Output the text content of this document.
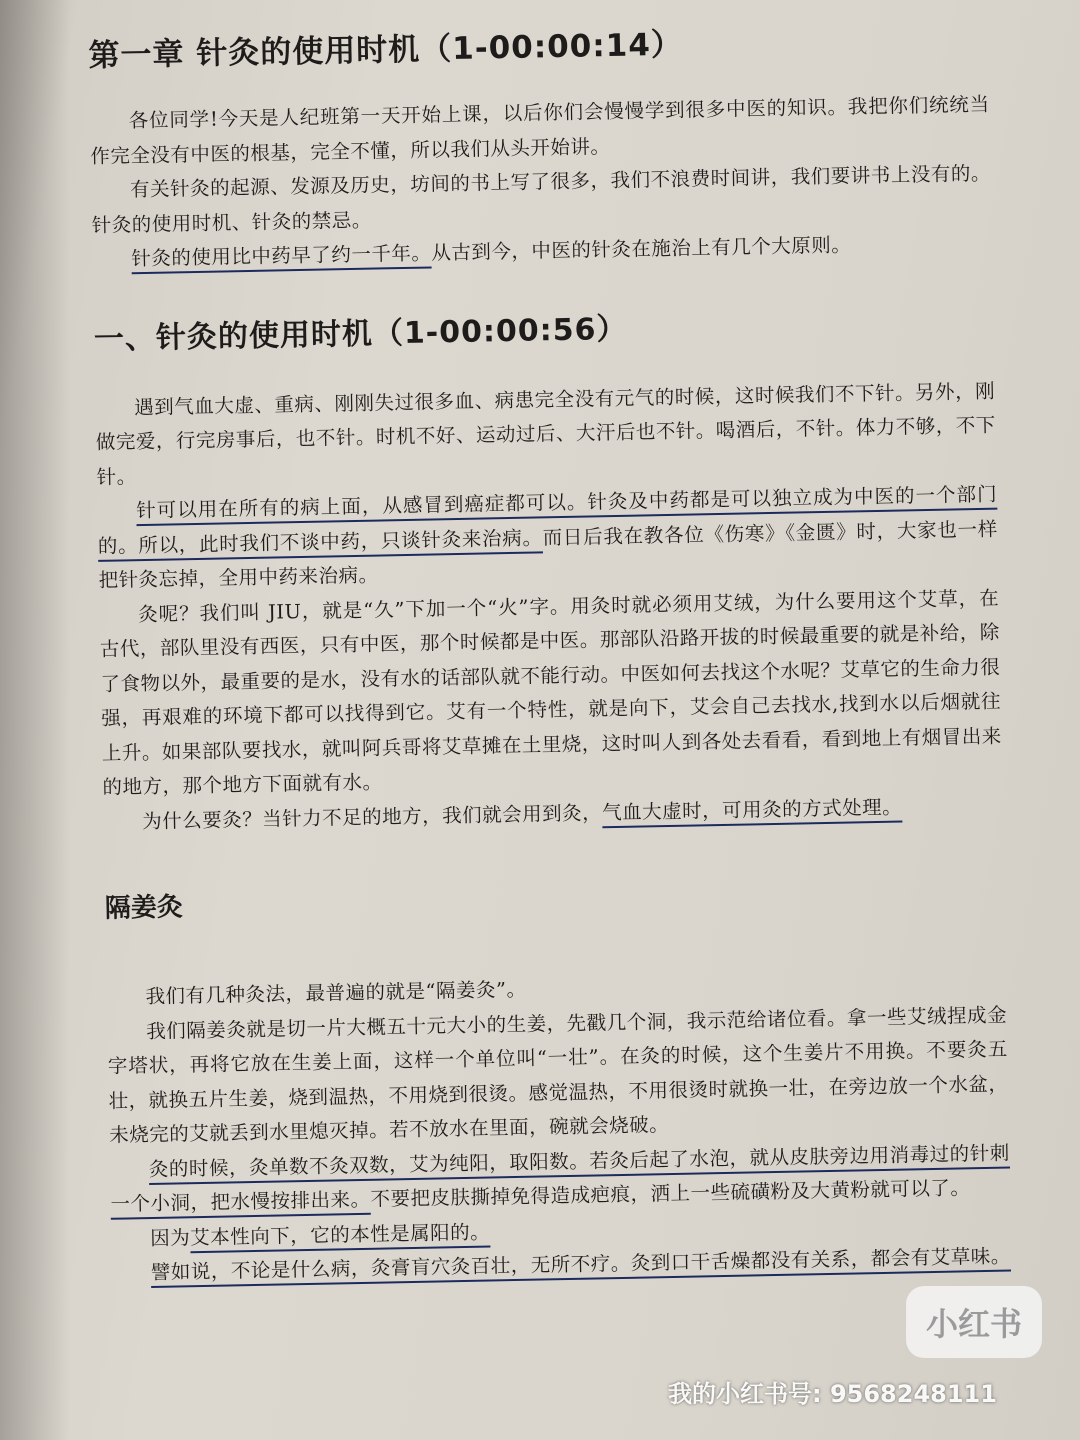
第一章 针灸的使用时机（1-00:00:14）

各位同学!今天是人纪班第一天开始上课，以后你们会慢慢学到很多中医的知识。我把你们统统当作完全没有中医的根基，完全不懂，所以我们从头开始讲。

有关针灸的起源、发源及历史，坊间的书上写了很多，我们不浪费时间讲，我们要讲书上没有的。针灸的使用时机、针灸的禁忌。

针灸的使用比中药早了约一千年。从古到今，中医的针灸在施治上有几个大原则。

一、针灸的使用时机（1-00:00:56）

遇到气血大虚、重病、刚刚失过很多血、病患完全没有元气的时候，这时候我们不下针。另外，刚做完爱，行完房事后，也不针。时机不好、运动过后、大汗后也不针。喝酒后，不针。体力不够，不下针。

针可以用在所有的病上面，从感冒到癌症都可以。针灸及中药都是可以独立成为中医的一个部门的。所以，此时我们不谈中药，只谈针灸来治病。而日后我在教各位《伤寒》《金匮》时，大家也一样把针灸忘掉，全用中药来治病。

灸呢？我们叫 JIU，就是“久”下加一个“火”字。用灸时就必须用艾绒，为什么要用这个艾草，在古代，部队里没有西医，只有中医，那个时候都是中医。那部队沿路开拔的时候最重要的就是补给，除了食物以外，最重要的是水，没有水的话部队就不能行动。中医如何去找这个水呢？艾草它的生命力很强，再艰难的环境下都可以找得到它。艾有一个特性，就是向下，艾会自己去找水,找到水以后烟就往上升。如果部队要找水，就叫阿兵哥将艾草摊在土里烧，这时叫人到各处去看看，看到地上有烟冒出来的地方，那个地方下面就有水。

为什么要灸？当针力不足的地方，我们就会用到灸，气血大虚时，可用灸的方式处理。

隔姜灸

我们有几种灸法，最普遍的就是“隔姜灸”。

我们隔姜灸就是切一片大概五十元大小的生姜，先戳几个洞，我示范给诸位看。拿一些艾绒捏成金字塔状，再将它放在生姜上面，这样一个单位叫“一壮”。在灸的时候，这个生姜片不用换。不要灸五壮，就换五片生姜，烧到温热，不用烧到很烫。感觉温热，不用很烫时就换一壮，在旁边放一个水盆，未烧完的艾就丢到水里熄灭掉。若不放水在里面，碗就会烧破。

灸的时候，灸单数不灸双数，艾为纯阳，取阳数。若灸后起了水泡，就从皮肤旁边用消毒过的针刺一个小洞，把水慢按排出来。不要把皮肤撕掉免得造成疤痕，洒上一些硫磺粉及大黄粉就可以了。

因为艾本性向下，它的本性是属阳的。

譬如说，不论是什么病，灸膏肓穴灸百壮，无所不疗。灸到口干舌燥都没有关系，都会有艾草味。

小红书
我的小红书号: 9568248111
